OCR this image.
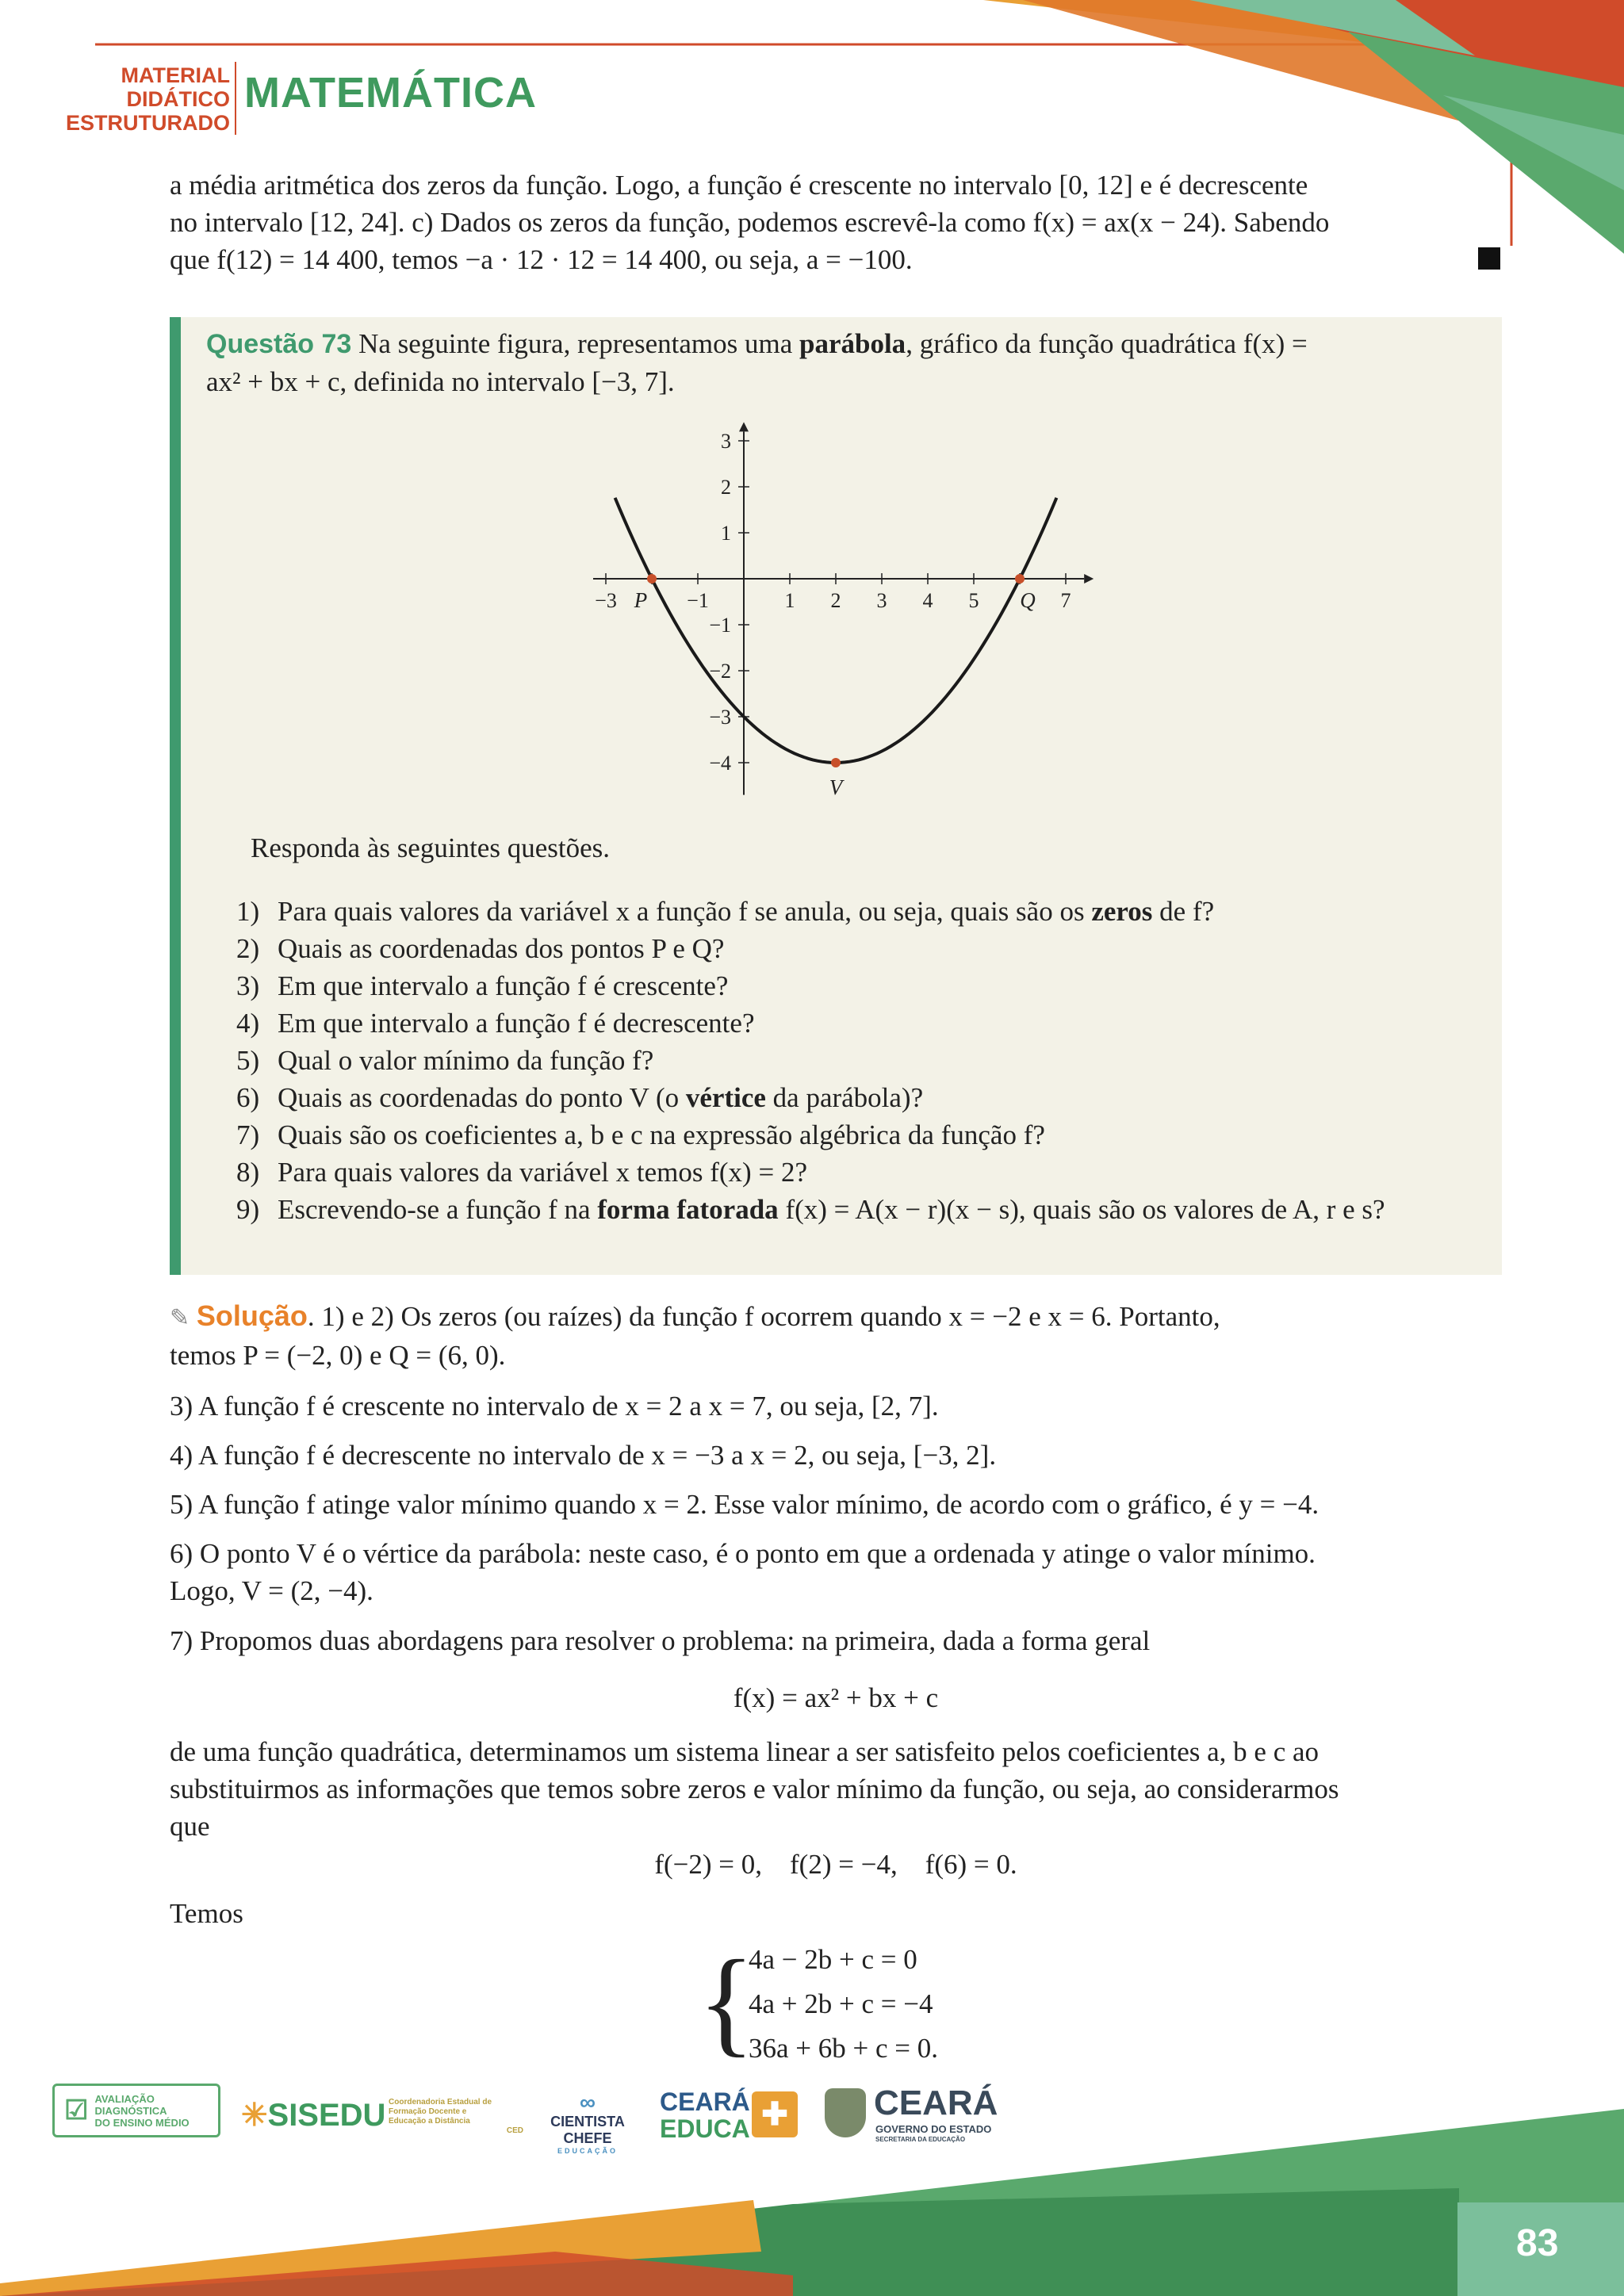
MATERIAL
DIDÁTICO
ESTRUTURADO
MATEMÁTICA
a média aritmética dos zeros da função. Logo, a função é crescente no intervalo [0, 12] e é decrescente
no intervalo [12, 24]. c) Dados os zeros da função, podemos escrevê-la como f(x) = ax(x − 24). Sabendo
que f(12) = 14 400, temos −a · 12 · 12 = 14 400, ou seja, a = −100.
Questão 73 Na seguinte figura, representamos uma parábola, gráfico da função quadrática f(x) =
ax² + bx + c, definida no intervalo [−3, 7].
−3	−1	1 2 3 4 5	7
3
2
1
−1
−2
−3
−4
P	Q
V
Responda às seguintes questões.
1) Para quais valores da variável x a função f se anula, ou seja, quais são os zeros de f?
2) Quais as coordenadas dos pontos P e Q?
3) Em que intervalo a função f é crescente?
4) Em que intervalo a função f é decrescente?
5) Qual o valor mínimo da função f?
6) Quais as coordenadas do ponto V (o vértice da parábola)?
7) Quais são os coeficientes a, b e c na expressão algébrica da função f?
8) Para quais valores da variável x temos f(x) = 2?
9) Escrevendo-se a função f na forma fatorada f(x) = A(x − r)(x − s), quais são os valores de A, r e s?
✎ Solução. 1) e 2) Os zeros (ou raízes) da função f ocorrem quando x = −2 e x = 6. Portanto,
temos P = (−2, 0) e Q = (6, 0).
3) A função f é crescente no intervalo de x = 2 a x = 7, ou seja, [2, 7].
4) A função f é decrescente no intervalo de x = −3 a x = 2, ou seja, [−3, 2].
5) A função f atinge valor mínimo quando x = 2. Esse valor mínimo, de acordo com o gráfico, é y = −4.
6) O ponto V é o vértice da parábola: neste caso, é o ponto em que a ordenada y atinge o valor mínimo.
Logo, V = (2, −4).
7) Propomos duas abordagens para resolver o problema: na primeira, dada a forma geral
f(x) = ax² + bx + c
de uma função quadrática, determinamos um sistema linear a ser satisfeito pelos coeficientes a, b e c ao
substituirmos as informações que temos sobre zeros e valor mínimo da função, ou seja, ao considerarmos
que
f(−2) = 0,    f(2) = −4,    f(6) = 0.
Temos
{
4a − 2b + c = 0
4a + 2b + c = −4
36a + 6b + c = 0.
☑ AVALIAÇÃO
DIAGNÓSTICA
DO ENSINO MÉDIO ✳ SISEDU Coordenadoria Estadual de
Formação Docente e
Educação a Distância
CED
∞
CIENTISTA CHEFE
EDUCAÇÃO
CEARÁ
EDUCA ✚ CEARÁ
GOVERNO DO ESTADO
SECRETARIA DA EDUCAÇÃO
83
